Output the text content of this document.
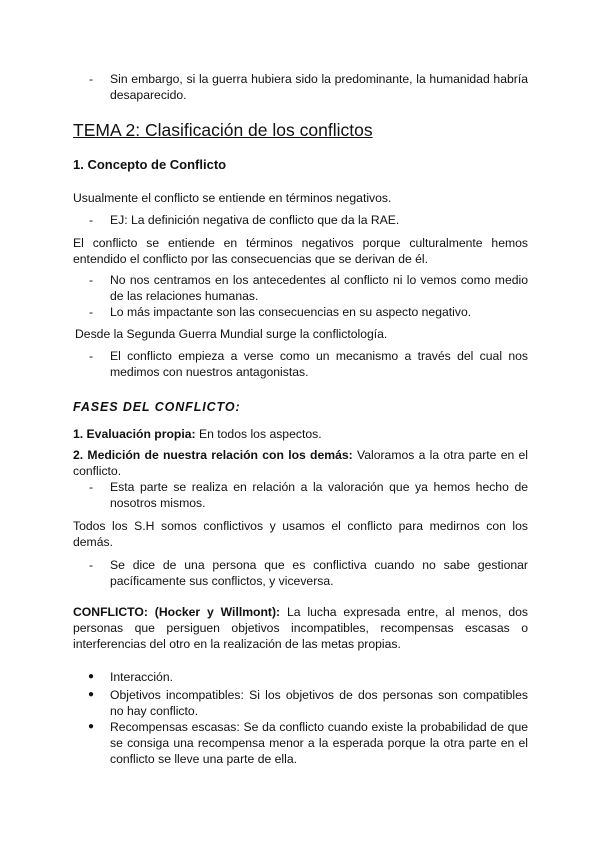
- Sin embargo, si la guerra hubiera sido la predominante, la humanidad habría desaparecido.
TEMA 2: Clasificación de los conflictos
1. Concepto de Conflicto
Usualmente el conflicto se entiende en términos negativos.
- EJ: La definición negativa de conflicto que da la RAE.
El conflicto se entiende en términos negativos porque culturalmente hemos entendido el conflicto por las consecuencias que se derivan de él.
- No nos centramos en los antecedentes al conflicto ni lo vemos como medio de las relaciones humanas.
- Lo más impactante son las consecuencias en su aspecto negativo.
Desde la Segunda Guerra Mundial surge la conflictología.
- El conflicto empieza a verse como un mecanismo a través del cual nos medimos con nuestros antagonistas.
FASES DEL CONFLICTO:
1. Evaluación propia: En todos los aspectos.
2. Medición de nuestra relación con los demás: Valoramos a la otra parte en el conflicto.
- Esta parte se realiza en relación a la valoración que ya hemos hecho de nosotros mismos.
Todos los S.H somos conflictivos y usamos el conflicto para medirnos con los demás.
- Se dice de una persona que es conflictiva cuando no sabe gestionar pacíficamente sus conflictos, y viceversa.
CONFLICTO: (Hocker y Willmont): La lucha expresada entre, al menos, dos personas que persiguen objetivos incompatibles, recompensas escasas o interferencias del otro en la realización de las metas propias.
● Interacción.
● Objetivos incompatibles: Si los objetivos de dos personas son compatibles no hay conflicto.
● Recompensas escasas: Se da conflicto cuando existe la probabilidad de que se consiga una recompensa menor a la esperada porque la otra parte en el conflicto se lleve una parte de ella.
